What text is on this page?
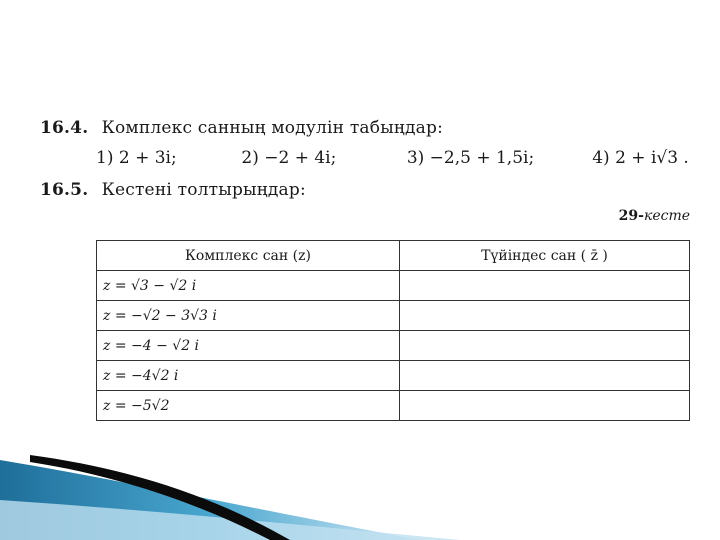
16.4. Комплекс санның модулін табыңдар:
1) 2 + 3i;	2) −2 + 4i;	3) −2,5 + 1,5i;	4) 2 + i√3 .
16.5. Кестені толтырыңдар:
29-кесте
Комплекс сан (z)	Түйіндес сан ( z̄ )
z = √3 − √2 i	
z = −√2 − 3√3 i	
z = −4 − √2 i	
z = −4√2 i	
z = −5√2	
